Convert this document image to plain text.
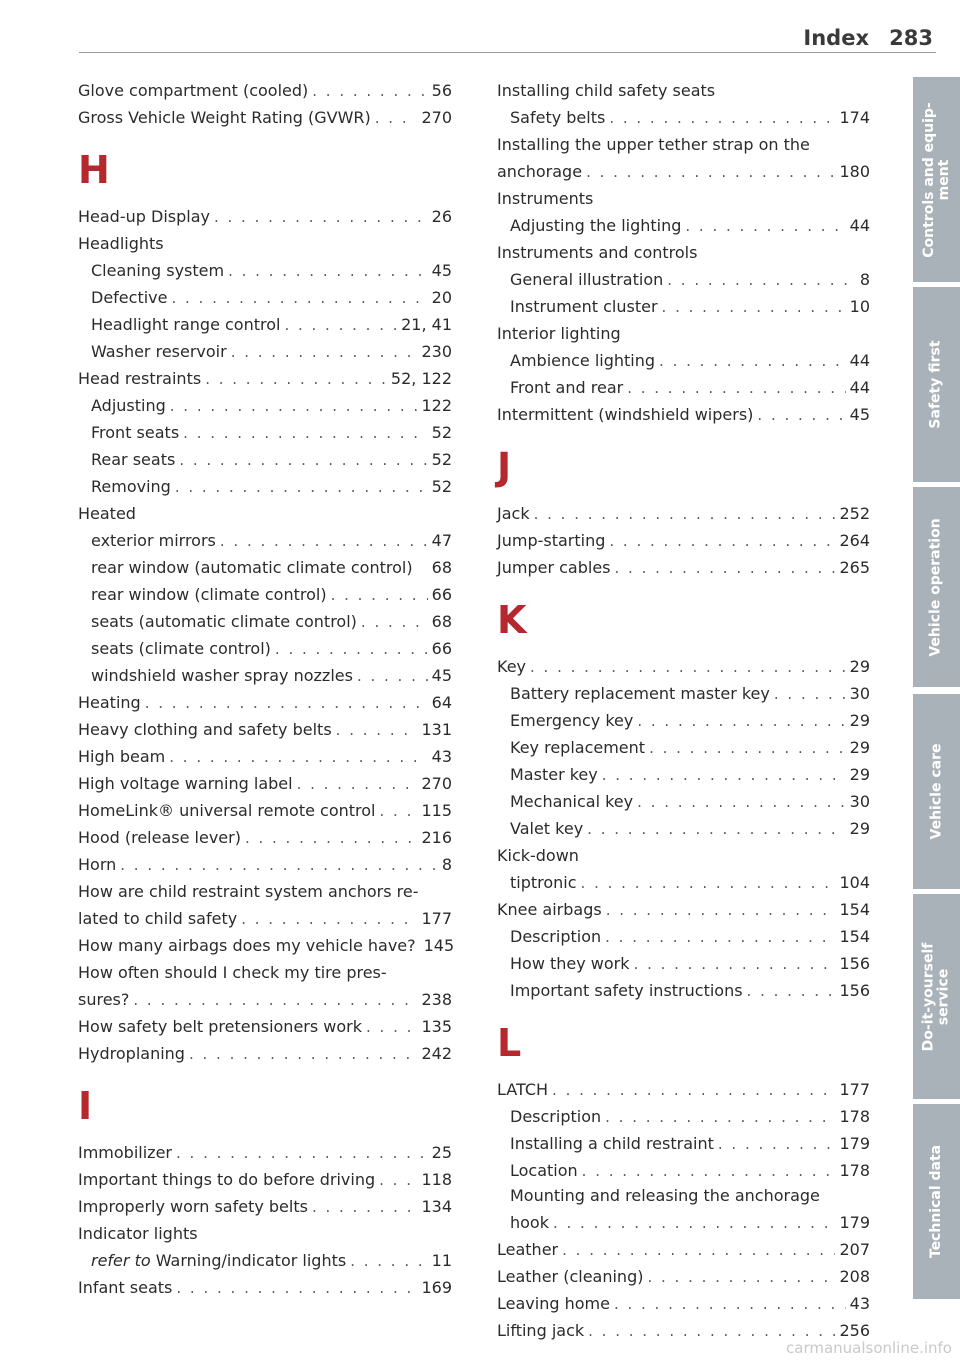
Index 283
Glove compartment (cooled) . . .	56
Gross Vehicle Weight Rating (GVWR) . . .	270
H
Head-up Display . . .	26
Headlights
Cleaning system . . .	45
Defective . . .	20
Headlight range control . . .	21, 41
Washer reservoir . . .	230
Head restraints . . .	52, 122
Adjusting . . .	122
Front seats . . .	52
Rear seats . . .	52
Removing . . .	52
Heated
exterior mirrors . . .	47
rear window (automatic climate control) 68
rear window (climate control) . . .	66
seats (automatic climate control) . . .	68
seats (climate control) . . .	66
windshield washer spray nozzles . . .	45
Heating . . .	64
Heavy clothing and safety belts . . .	131
High beam . . .	43
High voltage warning label . . .	270
HomeLink® universal remote control . . .	115
Hood (release lever) . . .	216
Horn . . .	8
How are child restraint system anchors re-
lated to child safety . . .	177
How many airbags does my vehicle have? 145
How often should I check my tire pres-
sures? . . .	238
How safety belt pretensioners work . . .	135
Hydroplaning . . .	242
I
Immobilizer . . .	25
Important things to do before driving . . .	118
Improperly worn safety belts . . .	134
Indicator lights
refer to Warning/indicator lights . . .	11
Infant seats . . .	169
Installing child safety seats
Safety belts . . .	174
Installing the upper tether strap on the
anchorage . . .	180
Instruments
Adjusting the lighting . . .	44
Instruments and controls
General illustration . . .	8
Instrument cluster . . .	10
Interior lighting
Ambience lighting . . .	44
Front and rear . . .	44
Intermittent (windshield wipers) . . .	45
J
Jack . . .	252
Jump-starting . . .	264
Jumper cables . . .	265
K
Key . . .	29
Battery replacement master key . . .	30
Emergency key . . .	29
Key replacement . . .	29
Master key . . .	29
Mechanical key . . .	30
Valet key . . .	29
Kick-down
tiptronic . . .	104
Knee airbags . . .	154
Description . . .	154
How they work . . .	156
Important safety instructions . . .	156
L
LATCH . . .	177
Description . . .	178
Installing a child restraint . . .	179
Location . . .	178
Mounting and releasing the anchorage
hook . . .	179
Leather . . .	207
Leather (cleaning) . . .	208
Leaving home . . .	43
Lifting jack . . .	256
Controls and equip-
ment
Safety first
Vehicle operation
Vehicle care
Do-it-yourself
service
Technical data
carmanualsonline.info
